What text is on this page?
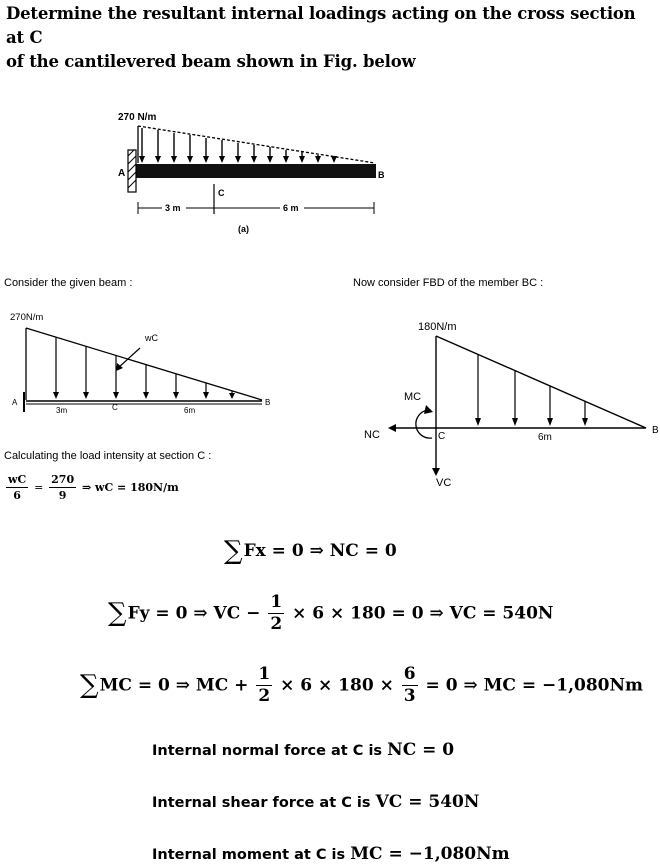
Determine the resultant internal loadings acting on the cross section at C
of the cantilevered beam shown in Fig. below
270 N/m
A	B
C
3 m	6 m
(a)
Consider the given beam :
270N/m
wC
A	B
C
3m	6m
Calculating the load intensity at section C :
$\frac{wC}{6} = \frac{270}{9}$ ⇒ wC = 180N/m
Now consider FBD of the member BC :
180N/m
MC
NC
VC
C
B
6m
∑Fx = 0 ⇒ NC = 0
∑Fy = 0 ⇒ VC − $\frac{1}{2} \times 6 \times 180 = 0$ ⇒ VC = 540N
∑MC = 0 ⇒ MC + $\frac{1}{2} \times 6 \times 180 \times \frac{6}{3} = 0$ ⇒ MC = −1,080Nm
Internal normal force at C is NC = 0
Internal shear force at C is VC = 540N
Internal moment at C is MC = −1,080Nm
